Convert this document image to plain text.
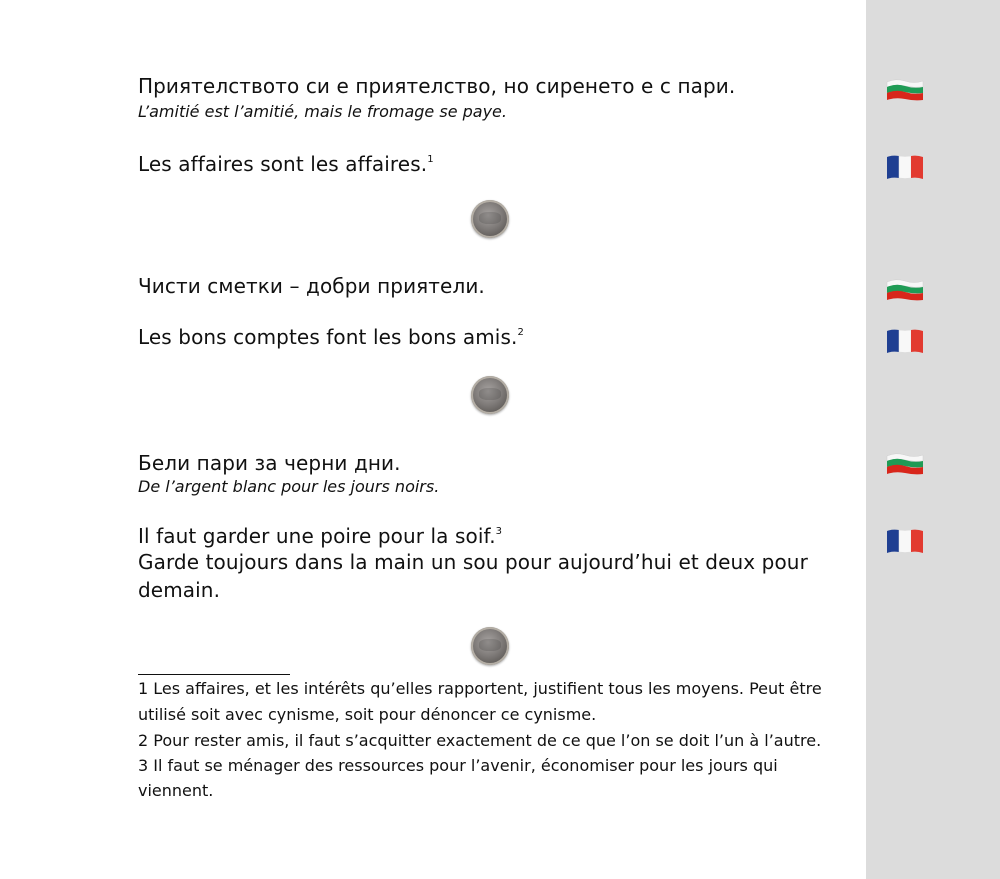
Приятелството си е приятелство, но сиренето е с пари.
L’amitié est l’amitié, mais le fromage se paye.
Les affaires sont les affaires.$^1$
Чисти сметки – добри приятели.
Les bons comptes font les bons amis.$^2$
Бели пари за черни дни.
De l’argent blanc pour les jours noirs.
Il faut garder une poire pour la soif.$^3$
Garde toujours dans la main un sou pour aujourd’hui et deux pour
demain.
1 Les affaires, et les intérêts qu’elles rapportent, justifient tous les moyens. Peut être
utilisé soit avec cynisme, soit pour dénoncer ce cynisme.
2 Pour rester amis, il faut s’acquitter exactement de ce que l’on se doit l’un à l’autre.
3 Il faut se ménager des ressources pour l’avenir, économiser pour les jours qui
viennent.
